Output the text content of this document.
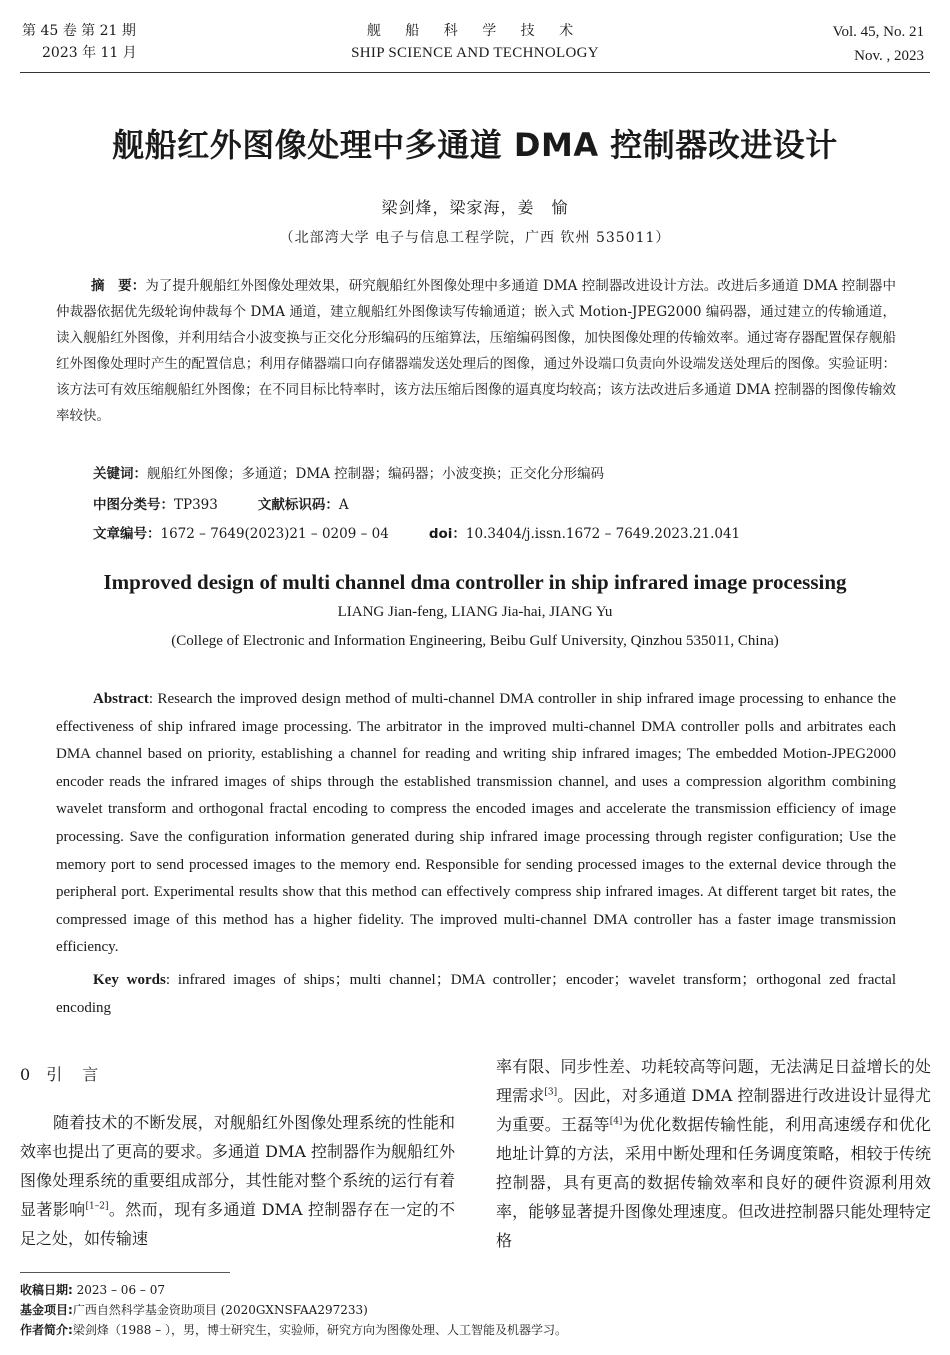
第 45 卷 第 21 期
2023 年 11 月
舰 船 科 学 技 术
SHIP SCIENCE AND TECHNOLOGY
Vol. 45, No. 21
Nov. , 2023
舰船红外图像处理中多通道 DMA 控制器改进设计
梁剑烽，梁家海，姜　愉
（北部湾大学 电子与信息工程学院，广西 钦州 535011）
摘　要：为了提升舰船红外图像处理效果，研究舰船红外图像处理中多通道 DMA 控制器改进设计方法。改进后多通道 DMA 控制器中仲裁器依据优先级轮询仲裁每个 DMA 通道，建立舰船红外图像读写传输通道；嵌入式 Motion-JPEG2000 编码器，通过建立的传输通道，读入舰船红外图像，并利用结合小波变换与正交化分形编码的压缩算法，压缩编码图像，加快图像处理的传输效率。通过寄存器配置保存舰船红外图像处理时产生的配置信息；利用存储器端口向存储器端发送处理后的图像，通过外设端口负责向外设端发送处理后的图像。实验证明：该方法可有效压缩舰船红外图像；在不同目标比特率时，该方法压缩后图像的逼真度均较高；该方法改进后多通道 DMA 控制器的图像传输效率较快。
关键词：舰船红外图像；多通道；DMA 控制器；编码器；小波变换；正交化分形编码
中图分类号：TP393	文献标识码：A
文章编号：1672 – 7649(2023)21 – 0209 – 04	doi：10.3404/j.issn.1672 – 7649.2023.21.041
Improved design of multi channel dma controller in ship infrared image processing
LIANG Jian-feng, LIANG Jia-hai, JIANG Yu
(College of Electronic and Information Engineering, Beibu Gulf University, Qinzhou 535011, China)
Abstract: Research the improved design method of multi-channel DMA controller in ship infrared image processing to enhance the effectiveness of ship infrared image processing. The arbitrator in the improved multi-channel DMA controller polls and arbitrates each DMA channel based on priority, establishing a channel for reading and writing ship infrared images; The embedded Motion-JPEG2000 encoder reads the infrared images of ships through the established transmission channel, and uses a compression algorithm combining wavelet transform and orthogonal fractal encoding to compress the encoded images and accelerate the transmission efficiency of image processing. Save the configuration information generated during ship infrared image processing through register configuration; Use the memory port to send processed images to the memory end. Responsible for sending processed images to the external device through the peripheral port. Experimental results show that this method can effectively compress ship infrared images. At different target bit rates, the compressed image of this method has a higher fidelity. The improved multi-channel DMA controller has a faster image transmission efficiency.
Key words: infrared images of ships；multi channel；DMA controller；encoder；wavelet transform；orthogonal zed fractal encoding
0 引　言
随着技术的不断发展，对舰船红外图像处理系统的性能和效率也提出了更高的要求。多通道 DMA 控制器作为舰船红外图像处理系统的重要组成部分，其性能对整个系统的运行有着显著影响[1–2]。然而，现有多通道 DMA 控制器存在一定的不足之处，如传输速
率有限、同步性差、功耗较高等问题，无法满足日益增长的处理需求[3]。因此，对多通道 DMA 控制器进行改进设计显得尤为重要。王磊等[4]为优化数据传输性能，利用高速缓存和优化地址计算的方法，采用中断处理和任务调度策略，相较于传统控制器，具有更高的数据传输效率和良好的硬件资源利用效率，能够显著提升图像处理速度。但改进控制器只能处理特定格
收稿日期: 2023 – 06 – 07
基金项目:广西自然科学基金资助项目 (2020GXNSFAA297233)
作者简介:梁剑烽（1988 – ），男，博士研究生，实验师，研究方向为图像处理、人工智能及机器学习。
